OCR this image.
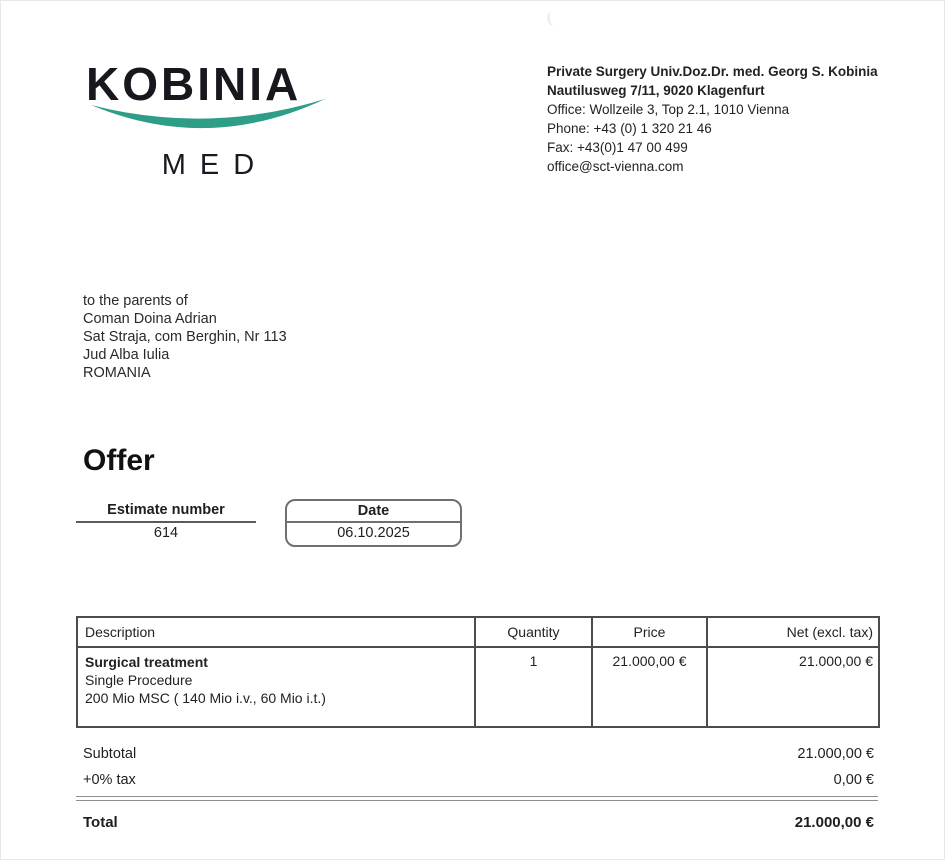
KOBINIA
MED
Private Surgery Univ.Doz.Dr. med. Georg S. Kobinia
Nautilusweg 7/11, 9020 Klagenfurt
Office: Wollzeile 3, Top 2.1, 1010 Vienna
Phone: +43 (0) 1 320 21 46
Fax: +43(0)1 47 00 499
office@sct-vienna.com
to the parents of
Coman Doina Adrian
Sat Straja, com Berghin, Nr 113
Jud Alba Iulia
ROMANIA
Offer
Estimate number
614
Date
06.10.2025
Description	Quantity	Price	Net (excl. tax)

Surgical treatment
Single Procedure
200 Mio MSC ( 140 Mio i.v., 60 Mio i.t.)	1	21.000,00 €	21.000,00 €
Subtotal	21.000,00 €
+0% tax	0,00 €
Total	21.000,00 €
